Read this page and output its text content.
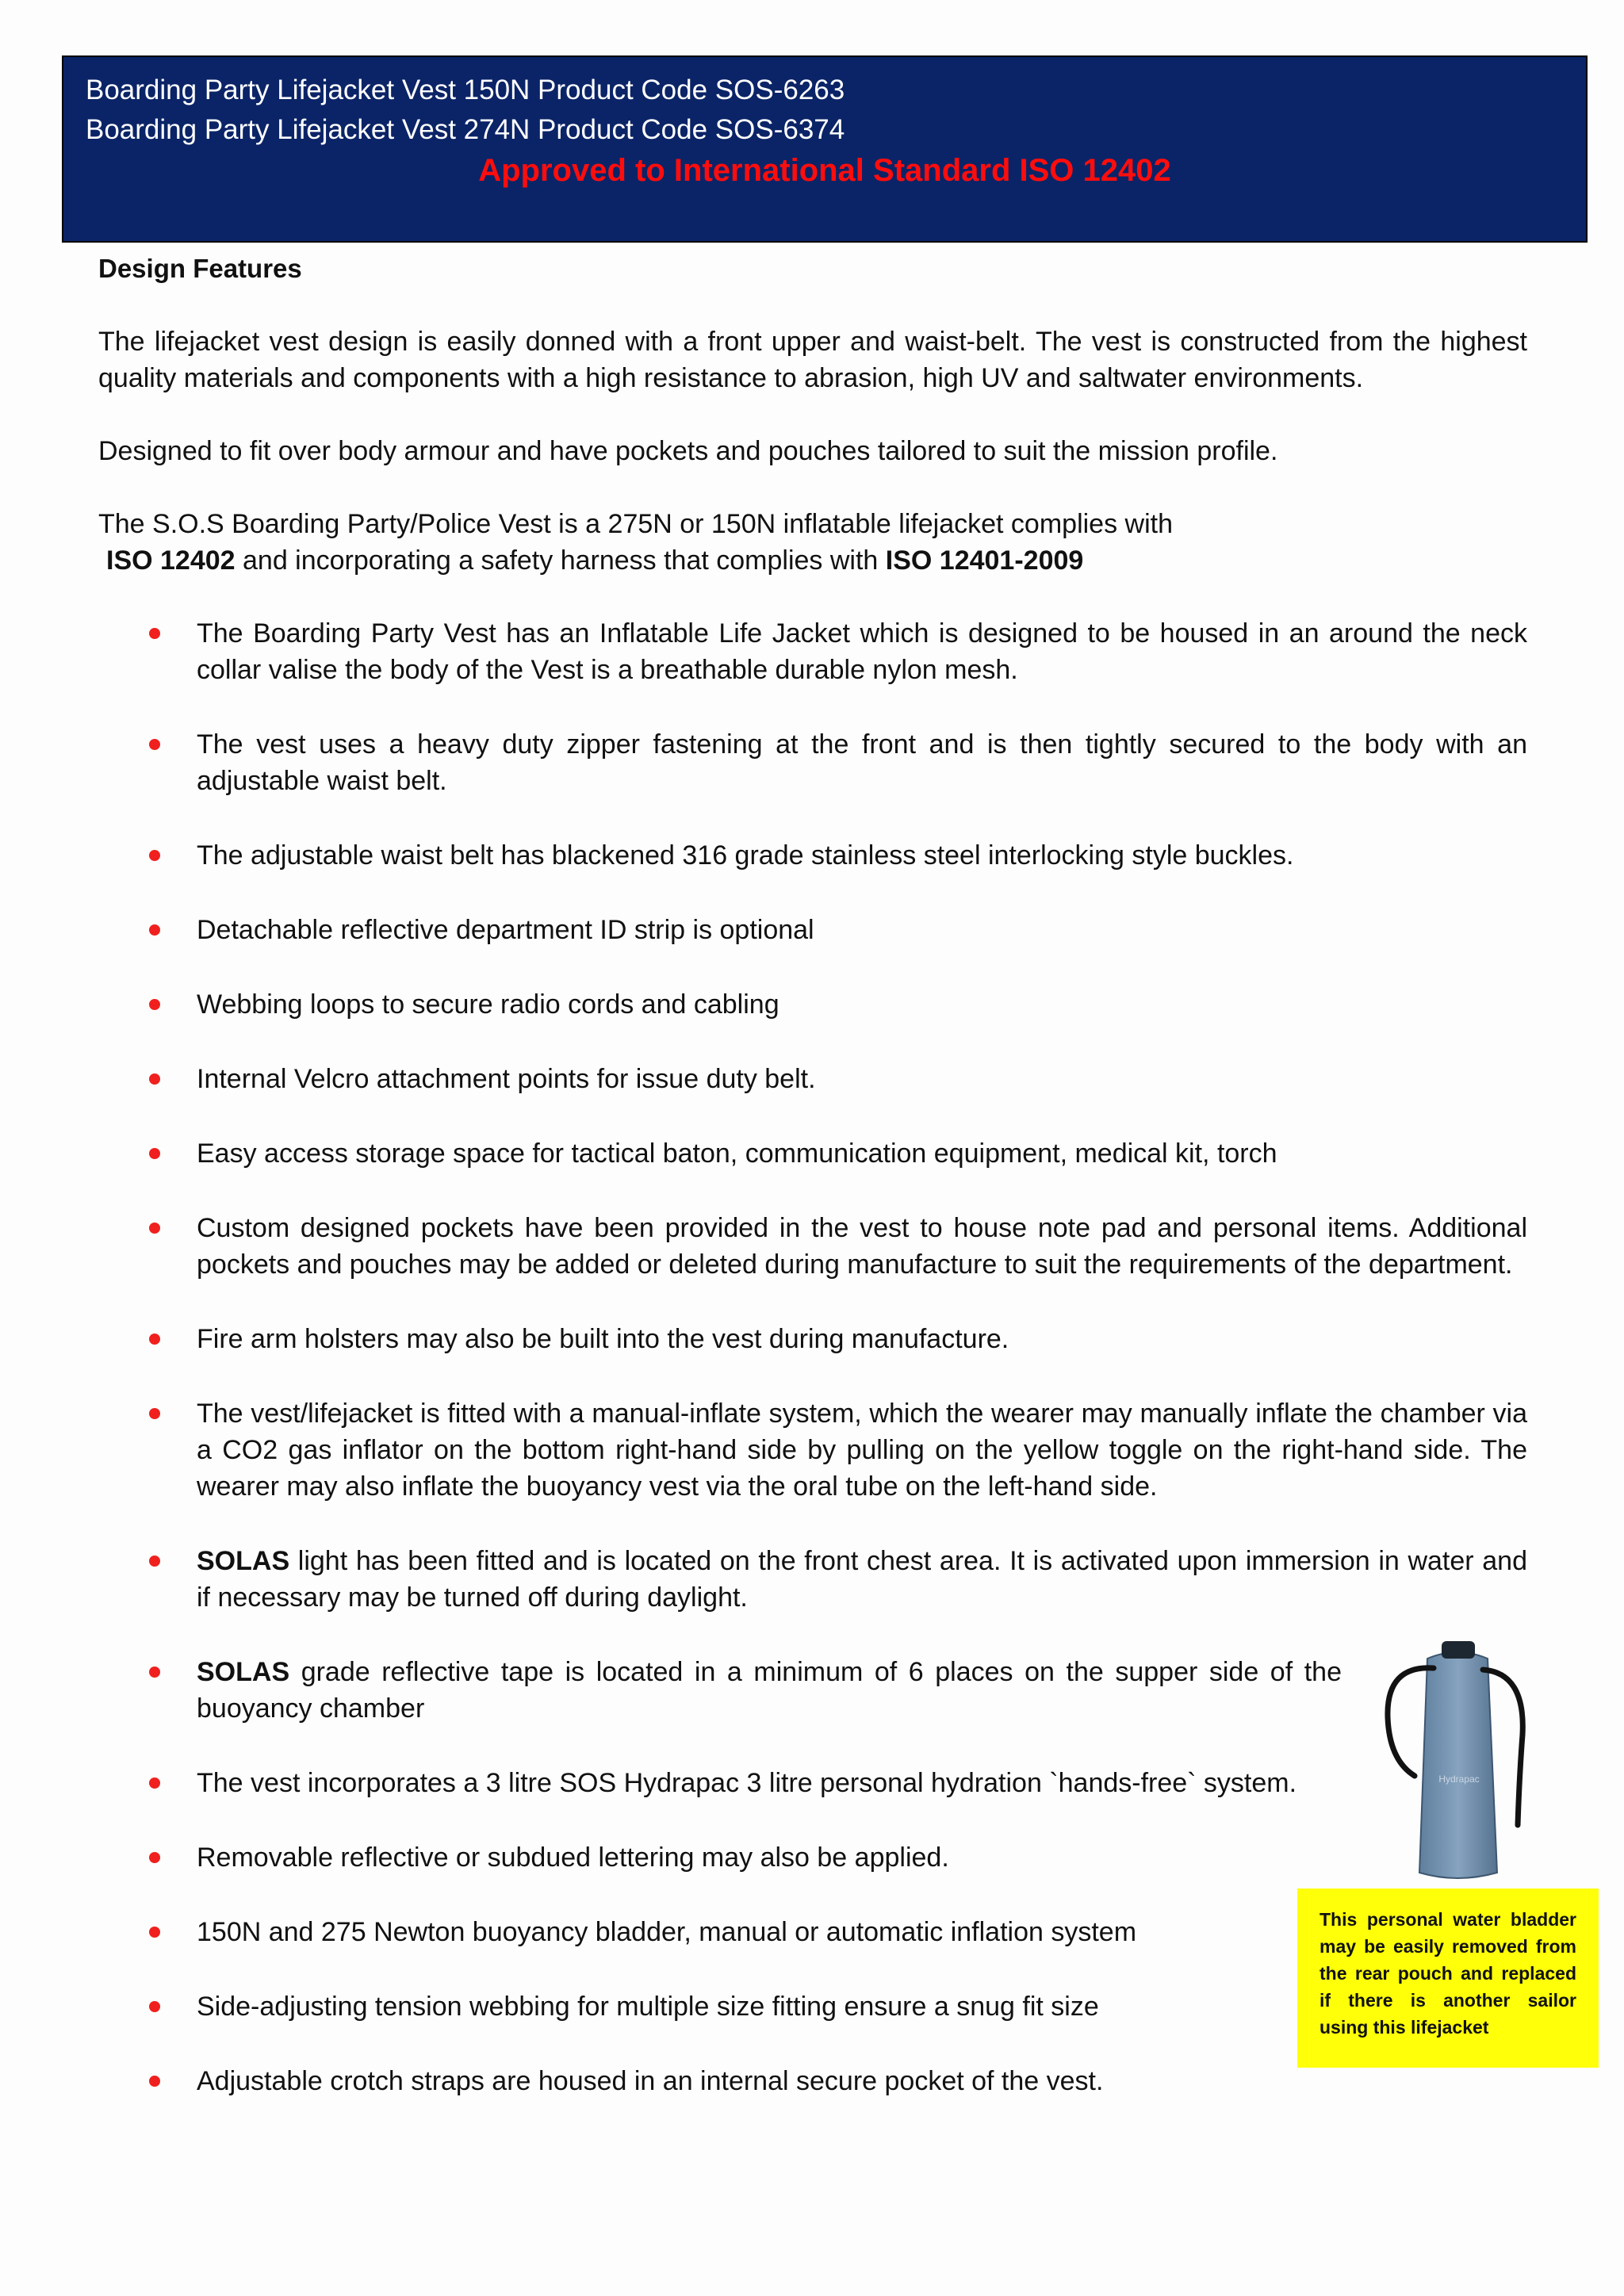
Boarding Party Lifejacket Vest 150N Product Code SOS-6263
Boarding Party Lifejacket Vest 274N Product Code SOS-6374
Approved to International Standard ISO 12402
Design Features

The lifejacket vest design is easily donned with a front upper and waist-belt. The vest is constructed from the highest quality materials and components with a high resistance to abrasion, high UV and saltwater environments.

Designed to fit over body armour and have pockets and pouches tailored to suit the mission profile.

The S.O.S Boarding Party/Police Vest is a 275N or 150N inflatable lifejacket complies with
ISO 12402 and incorporating a safety harness that complies with ISO 12401-2009

The Boarding Party Vest has an Inflatable Life Jacket which is designed to be housed in an around the neck collar valise the body of the Vest is a breathable durable nylon mesh.
The vest uses a heavy duty zipper fastening at the front and is then tightly secured to the body with an adjustable waist belt.
The adjustable waist belt has blackened 316 grade stainless steel interlocking style buckles.
Detachable reflective department ID strip is optional
Webbing loops to secure radio cords and cabling
Internal Velcro attachment points for issue duty belt.
Easy access storage space for tactical baton, communication equipment, medical kit, torch
Custom designed pockets have been provided in the vest to house note pad and personal items. Additional pockets and pouches may be added or deleted during manufacture to suit the requirements of the department.
Fire arm holsters may also be built into the vest during manufacture.
The vest/lifejacket is fitted with a manual-inflate system, which the wearer may manually inflate the chamber via a CO2 gas inflator on the bottom right-hand side by pulling on the yellow toggle on the right-hand side. The wearer may also inflate the buoyancy vest via the oral tube on the left-hand side.
SOLAS light has been fitted and is located on the front chest area. It is activated upon immersion in water and if necessary may be turned off during daylight.
SOLAS grade reflective tape is located in a minimum of 6 places on the supper side of the buoyancy chamber
The vest incorporates a 3 litre SOS Hydrapac 3 litre personal hydration `hands-free` system.
Removable reflective or subdued lettering may also be applied.
150N and 275 Newton buoyancy bladder, manual or automatic inflation system
Side-adjusting tension webbing for multiple size fitting ensure a snug fit size
Adjustable crotch straps are housed in an internal secure pocket of the vest.
Hydrapac
This personal water bladder may be easily removed from the rear pouch and replaced if there is another sailor using this lifejacket
